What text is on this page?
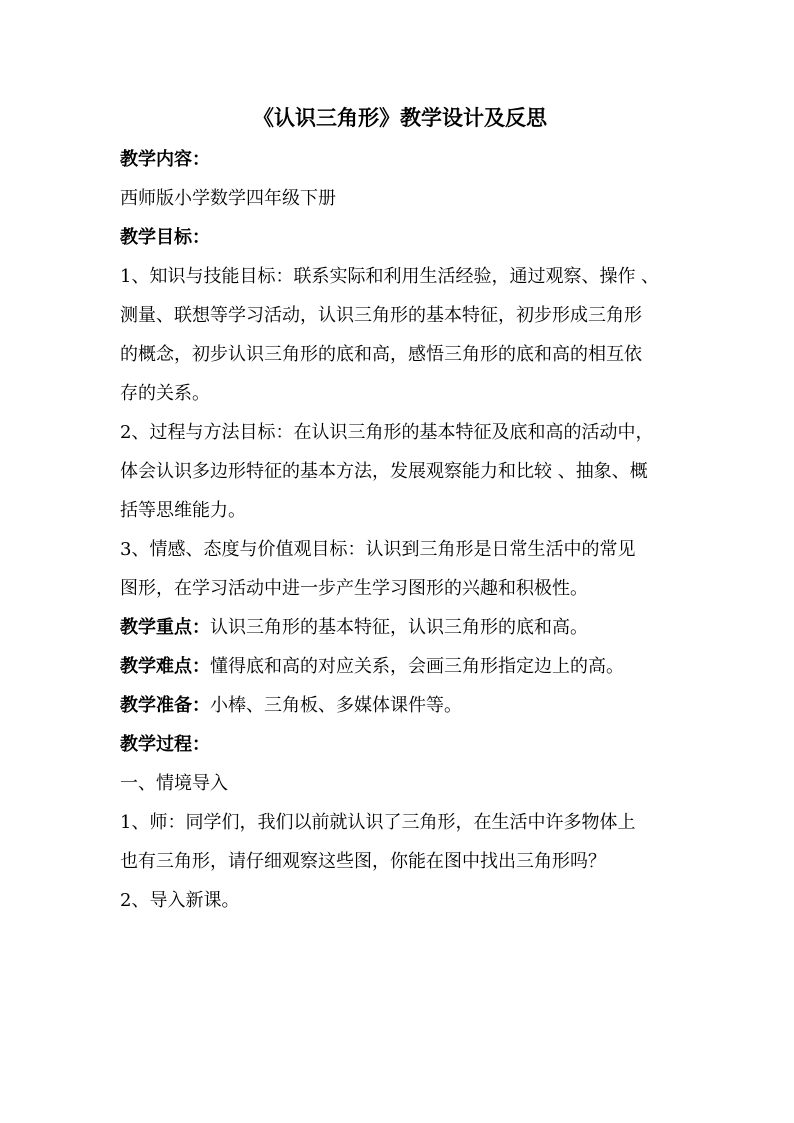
《认识三角形》教学设计及反思

教学内容：

西师版小学数学四年级下册

教学目标：

1、知识与技能目标：联系实际和利用生活经验，通过观察、操作 、

测量、联想等学习活动，认识三角形的基本特征，初步形成三角形

的概念，初步认识三角形的底和高，感悟三角形的底和高的相互依

存的关系。

2、过程与方法目标：在认识三角形的基本特征及底和高的活动中，

体会认识多边形特征的基本方法，发展观察能力和比较 、抽象、概

括等思维能力。

3、情感、态度与价值观目标：认识到三角形是日常生活中的常见

图形，在学习活动中进一步产生学习图形的兴趣和积极性。

教学重点：认识三角形的基本特征，认识三角形的底和高。

教学难点：懂得底和高的对应关系，会画三角形指定边上的高。

教学准备：小棒、三角板、多媒体课件等。

教学过程：

一、情境导入

1、师：同学们，我们以前就认识了三角形，在生活中许多物体上

也有三角形，请仔细观察这些图，你能在图中找出三角形吗？

2、导入新课。
